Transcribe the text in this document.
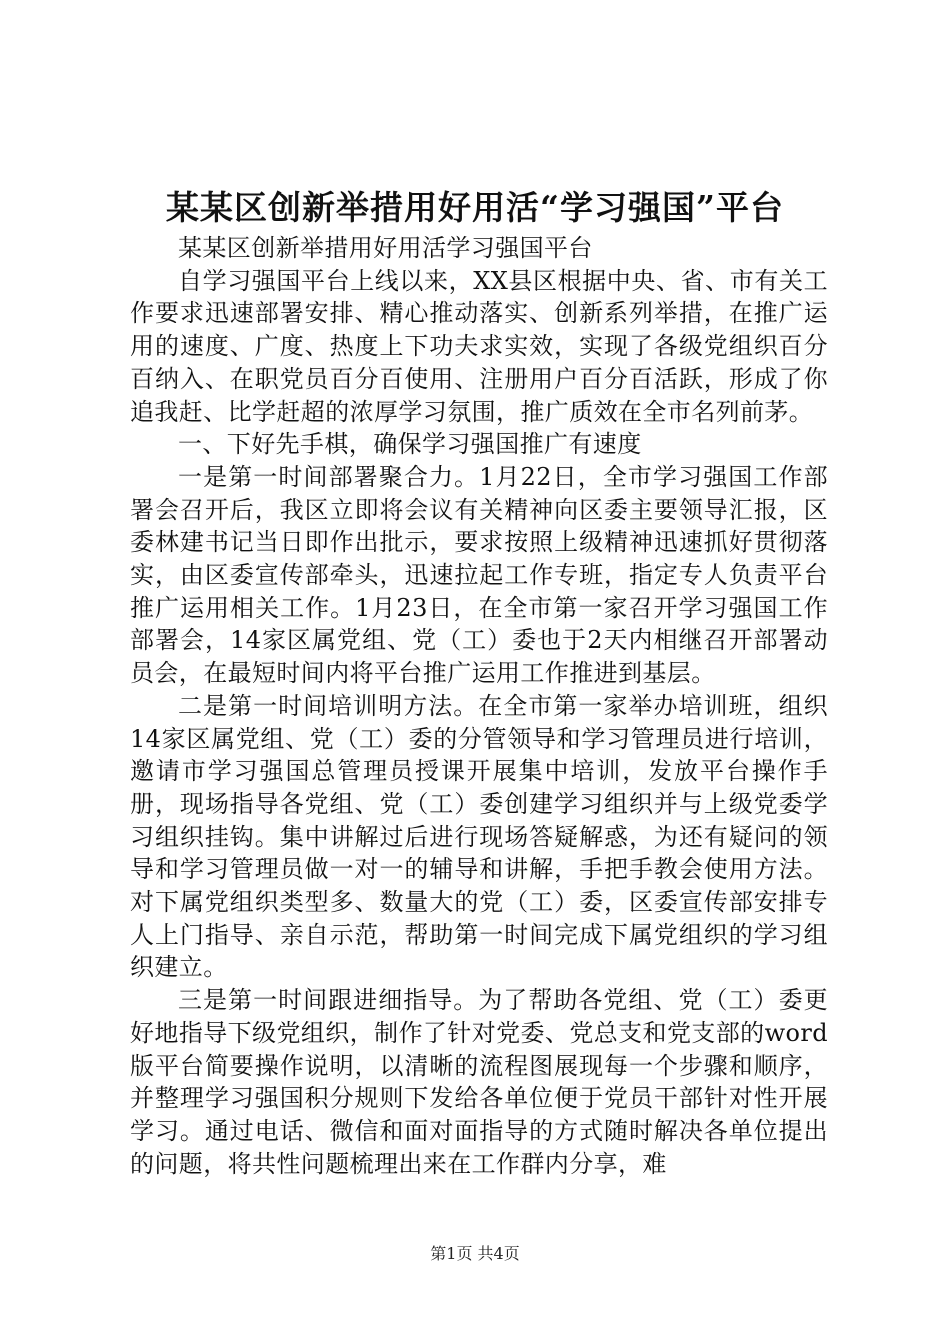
某某区创新举措用好用活“学习强国”平台

某某区创新举措用好用活学习强国平台

自学习强国平台上线以来，XX县区根据中央、省、市有关工作要求迅速部署安排、精心推动落实、创新系列举措，在推广运用的速度、广度、热度上下功夫求实效，实现了各级党组织百分百纳入、在职党员百分百使用、注册用户百分百活跃，形成了你追我赶、比学赶超的浓厚学习氛围，推广质效在全市名列前茅。

一、下好先手棋，确保学习强国推广有速度

一是第一时间部署聚合力。1月22日，全市学习强国工作部署会召开后，我区立即将会议有关精神向区委主要领导汇报，区委林建书记当日即作出批示，要求按照上级精神迅速抓好贯彻落实，由区委宣传部牵头，迅速拉起工作专班，指定专人负责平台推广运用相关工作。1月23日，在全市第一家召开学习强国工作部署会，14家区属党组、党（工）委也于2天内相继召开部署动员会，在最短时间内将平台推广运用工作推进到基层。

二是第一时间培训明方法。在全市第一家举办培训班，组织14家区属党组、党（工）委的分管领导和学习管理员进行培训，邀请市学习强国总管理员授课开展集中培训，发放平台操作手册，现场指导各党组、党（工）委创建学习组织并与上级党委学习组织挂钩。集中讲解过后进行现场答疑解惑，为还有疑问的领导和学习管理员做一对一的辅导和讲解，手把手教会使用方法。对下属党组织类型多、数量大的党（工）委，区委宣传部安排专人上门指导、亲自示范，帮助第一时间完成下属党组织的学习组织建立。

三是第一时间跟进细指导。为了帮助各党组、党（工）委更好地指导下级党组织，制作了针对党委、党总支和党支部的word版平台简要操作说明，以清晰的流程图展现每一个步骤和顺序，并整理学习强国积分规则下发给各单位便于党员干部针对性开展学习。通过电话、微信和面对面指导的方式随时解决各单位提出的问题，将共性问题梳理出来在工作群内分享，难

第1页 共4页
